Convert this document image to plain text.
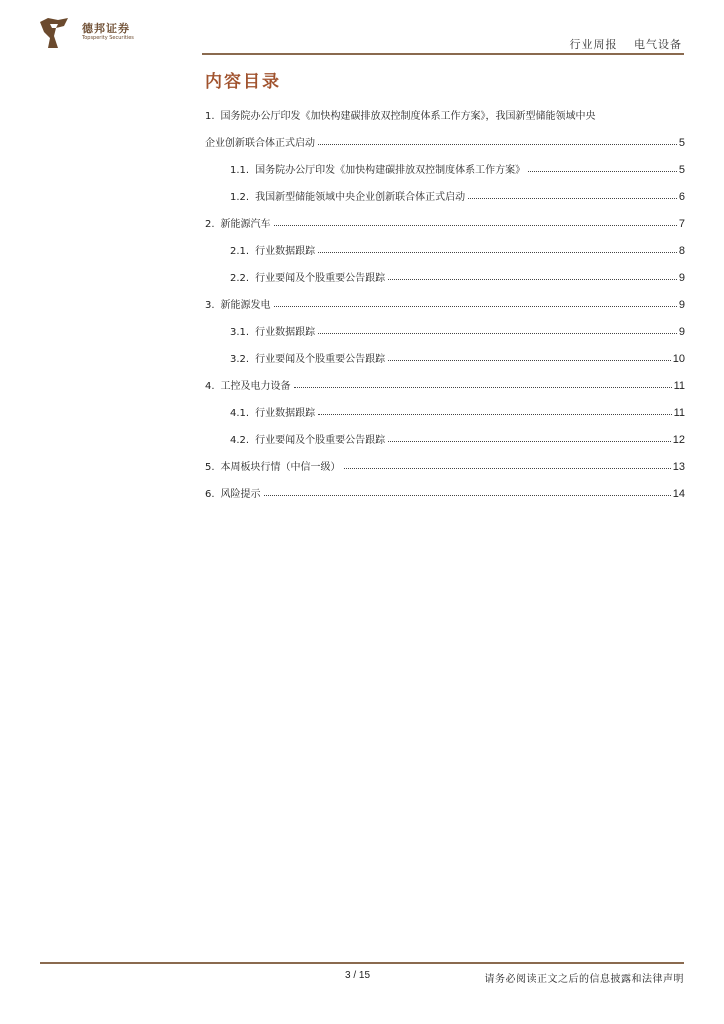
德邦证券
Topsperity Securities	行业周报 电气设备
内容目录
1. 国务院办公厅印发《加快构建碳排放双控制度体系工作方案》，我国新型储能领域中央
企业创新联合体正式启动	5
1.1. 国务院办公厅印发《加快构建碳排放双控制度体系工作方案》	5
1.2. 我国新型储能领域中央企业创新联合体正式启动	6
2. 新能源汽车	7
2.1. 行业数据跟踪	8
2.2. 行业要闻及个股重要公告跟踪	9
3. 新能源发电	9
3.1. 行业数据跟踪	9
3.2. 行业要闻及个股重要公告跟踪	10
4. 工控及电力设备	11
4.1. 行业数据跟踪	11
4.2. 行业要闻及个股重要公告跟踪	12
5. 本周板块行情（中信一级）	13
6. 风险提示	14
3 / 15	请务必阅读正文之后的信息披露和法律声明
